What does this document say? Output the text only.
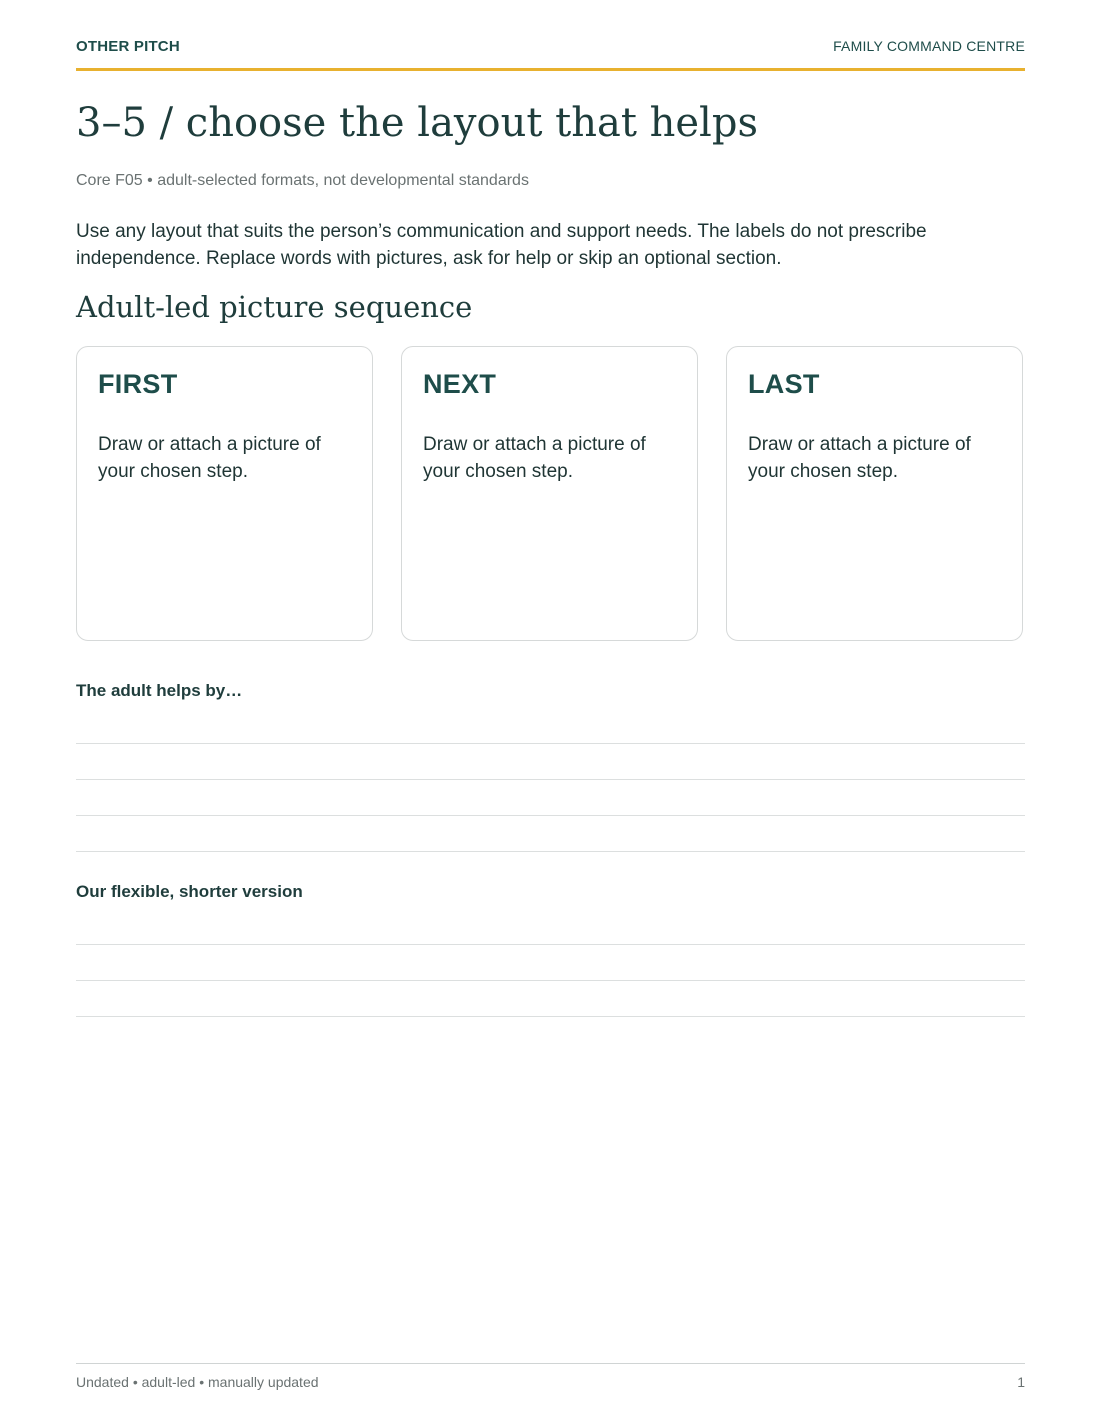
OTHER PITCH	FAMILY COMMAND CENTRE
3–5 / choose the layout that helps
Core F05 • adult-selected formats, not developmental standards

Use any layout that suits the person’s communication and support needs. The labels do not prescribe independence. Replace words with pictures, ask for help or skip an optional section.

Adult-led picture sequence
FIRST

Draw or attach a picture of your chosen step.

NEXT

Draw or attach a picture of your chosen step.

LAST

Draw or attach a picture of your chosen step.

The adult helps by…
Our flexible, shorter version
Undated • adult-led • manually updated	1
